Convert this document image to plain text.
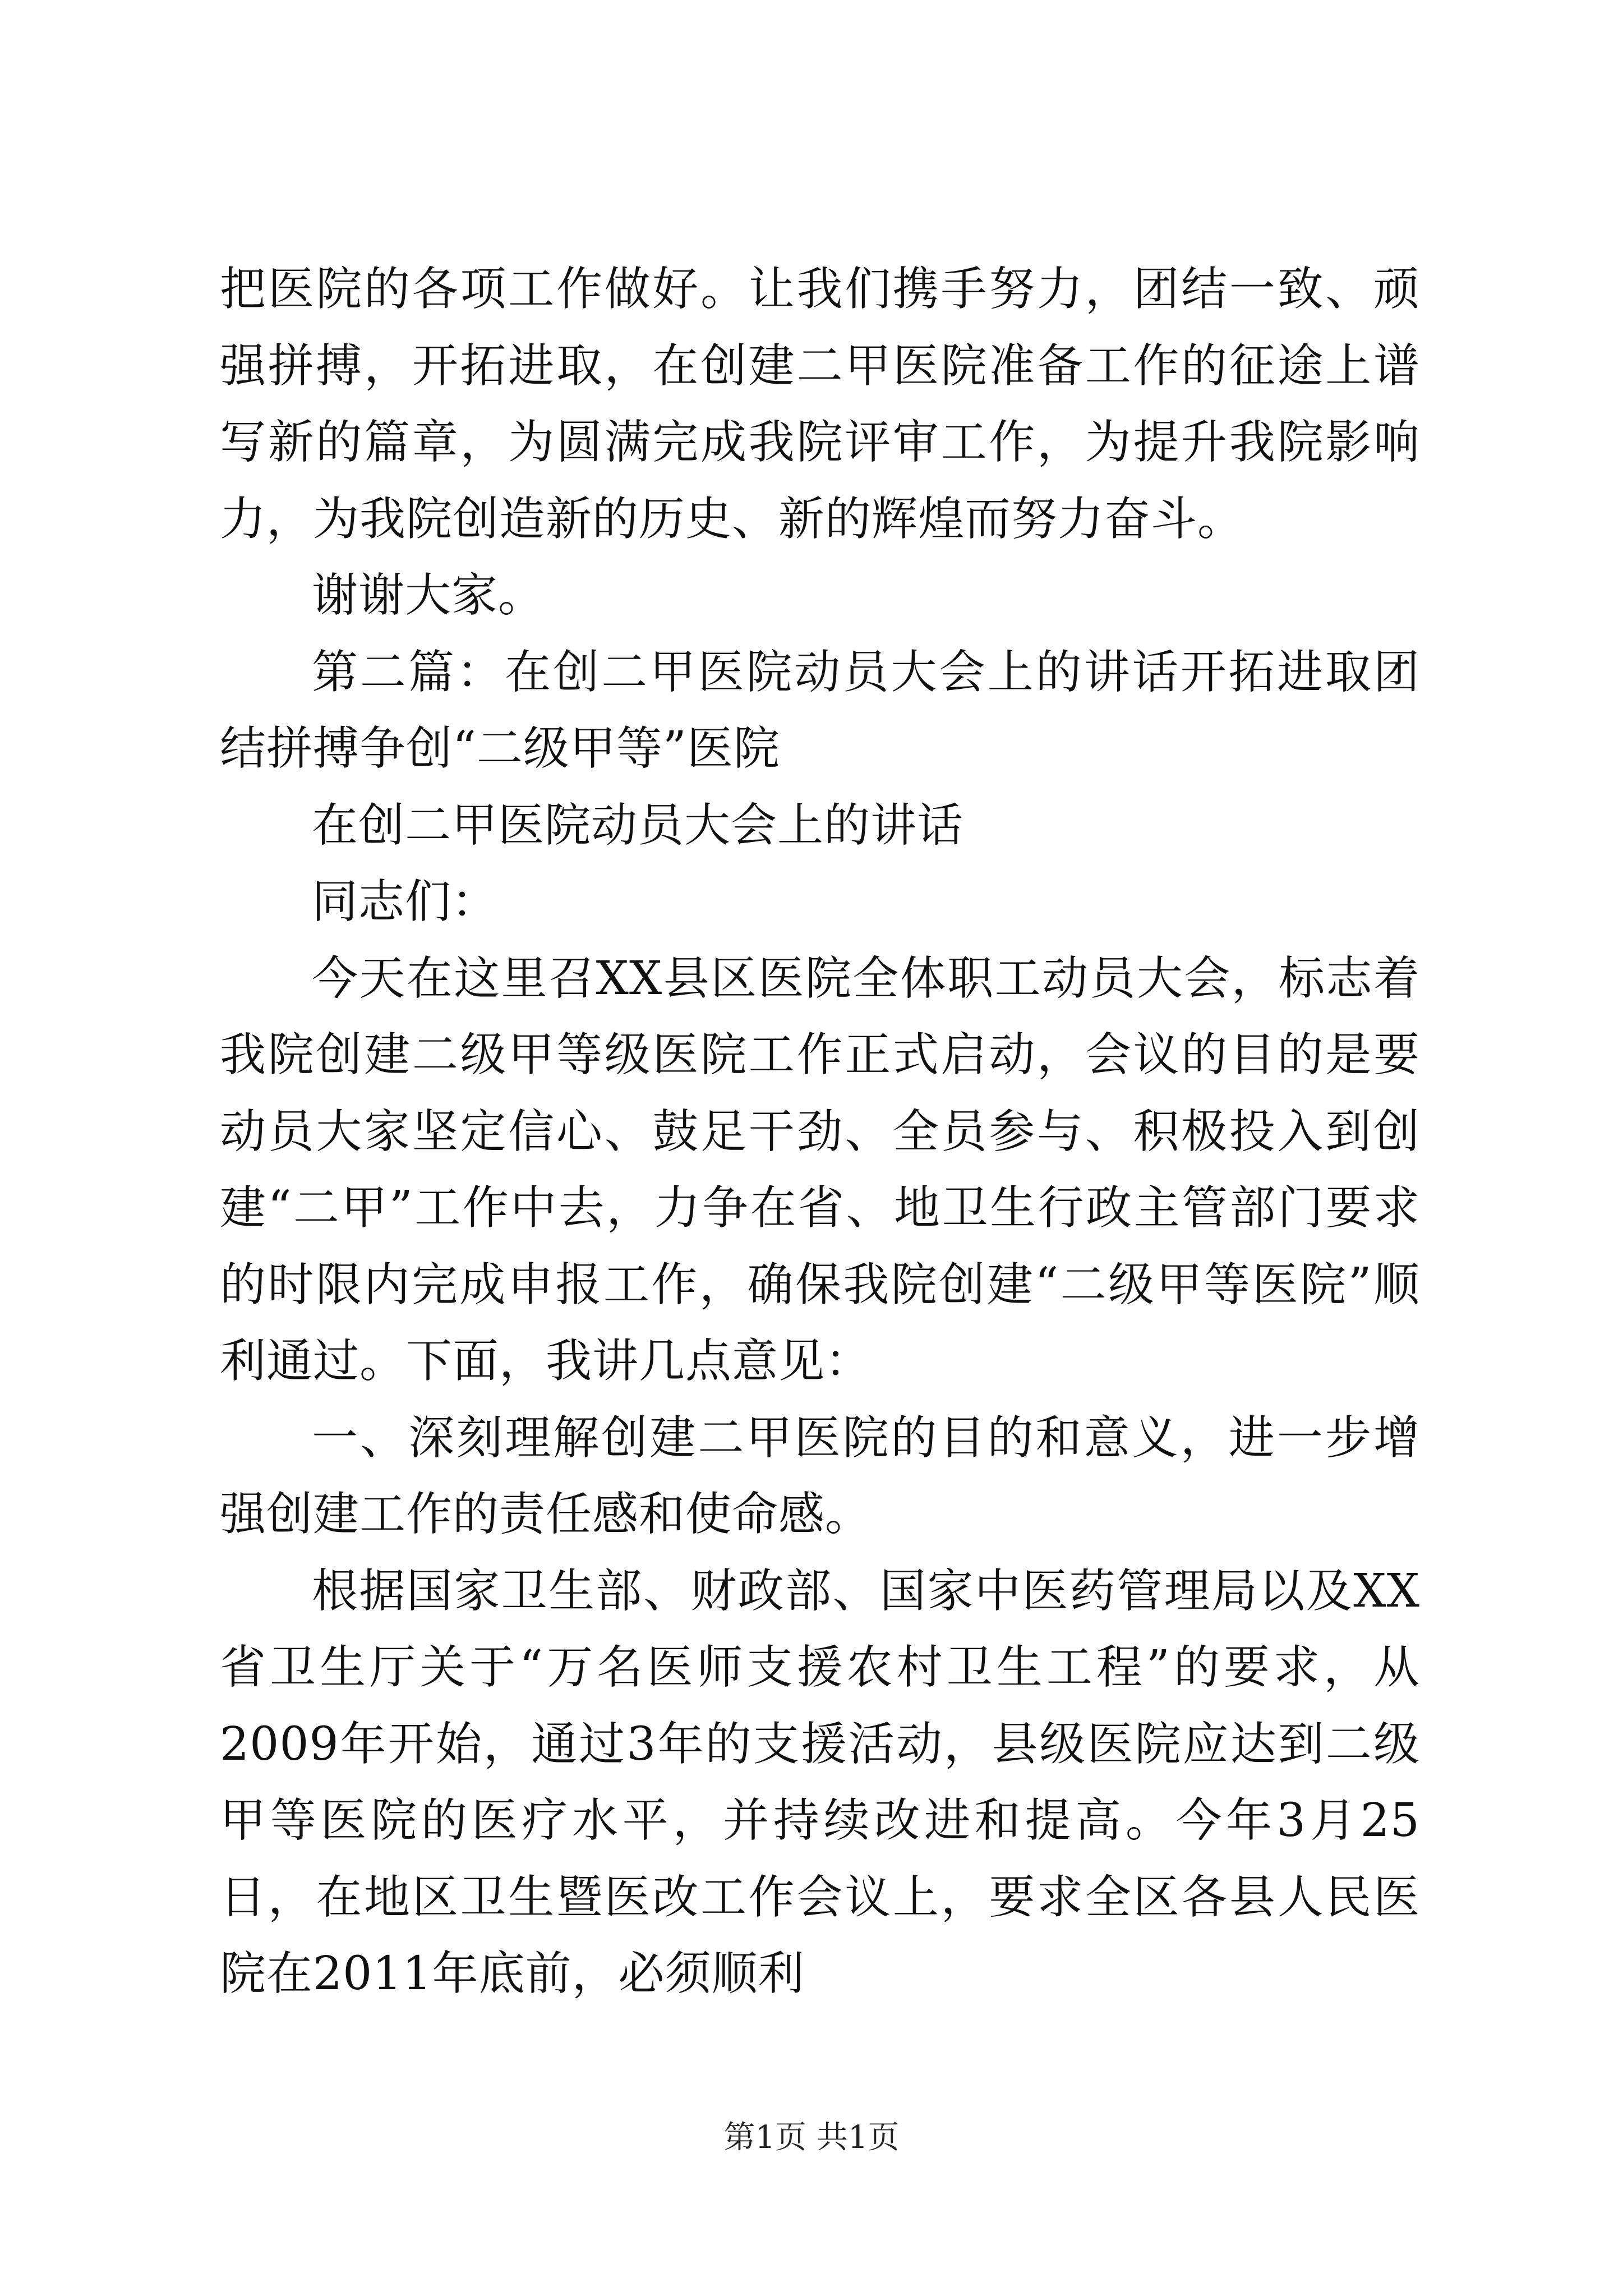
把医院的各项工作做好。让我们携手努力，团结一致、顽强拼搏，开拓进取，在创建二甲医院准备工作的征途上谱写新的篇章，为圆满完成我院评审工作，为提升我院影响力，为我院创造新的历史、新的辉煌而努力奋斗。

谢谢大家。

第二篇：在创二甲医院动员大会上的讲话开拓进取团结拼搏争创“二级甲等”医院

在创二甲医院动员大会上的讲话

同志们：

今天在这里召XX县区医院全体职工动员大会，标志着我院创建二级甲等级医院工作正式启动，会议的目的是要动员大家坚定信心、鼓足干劲、全员参与、积极投入到创建“二甲”工作中去，力争在省、地卫生行政主管部门要求的时限内完成申报工作，确保我院创建“二级甲等医院”顺利通过。下面，我讲几点意见：

一、深刻理解创建二甲医院的目的和意义，进一步增强创建工作的责任感和使命感。

根据国家卫生部、财政部、国家中医药管理局以及XX省卫生厅关于“万名医师支援农村卫生工程”的要求，从2009年开始，通过3年的支援活动，县级医院应达到二级甲等医院的医疗水平，并持续改进和提高。今年3月25日，在地区卫生暨医改工作会议上，要求全区各县人民医院在2011年底前，必须顺利

第1页 共1页
